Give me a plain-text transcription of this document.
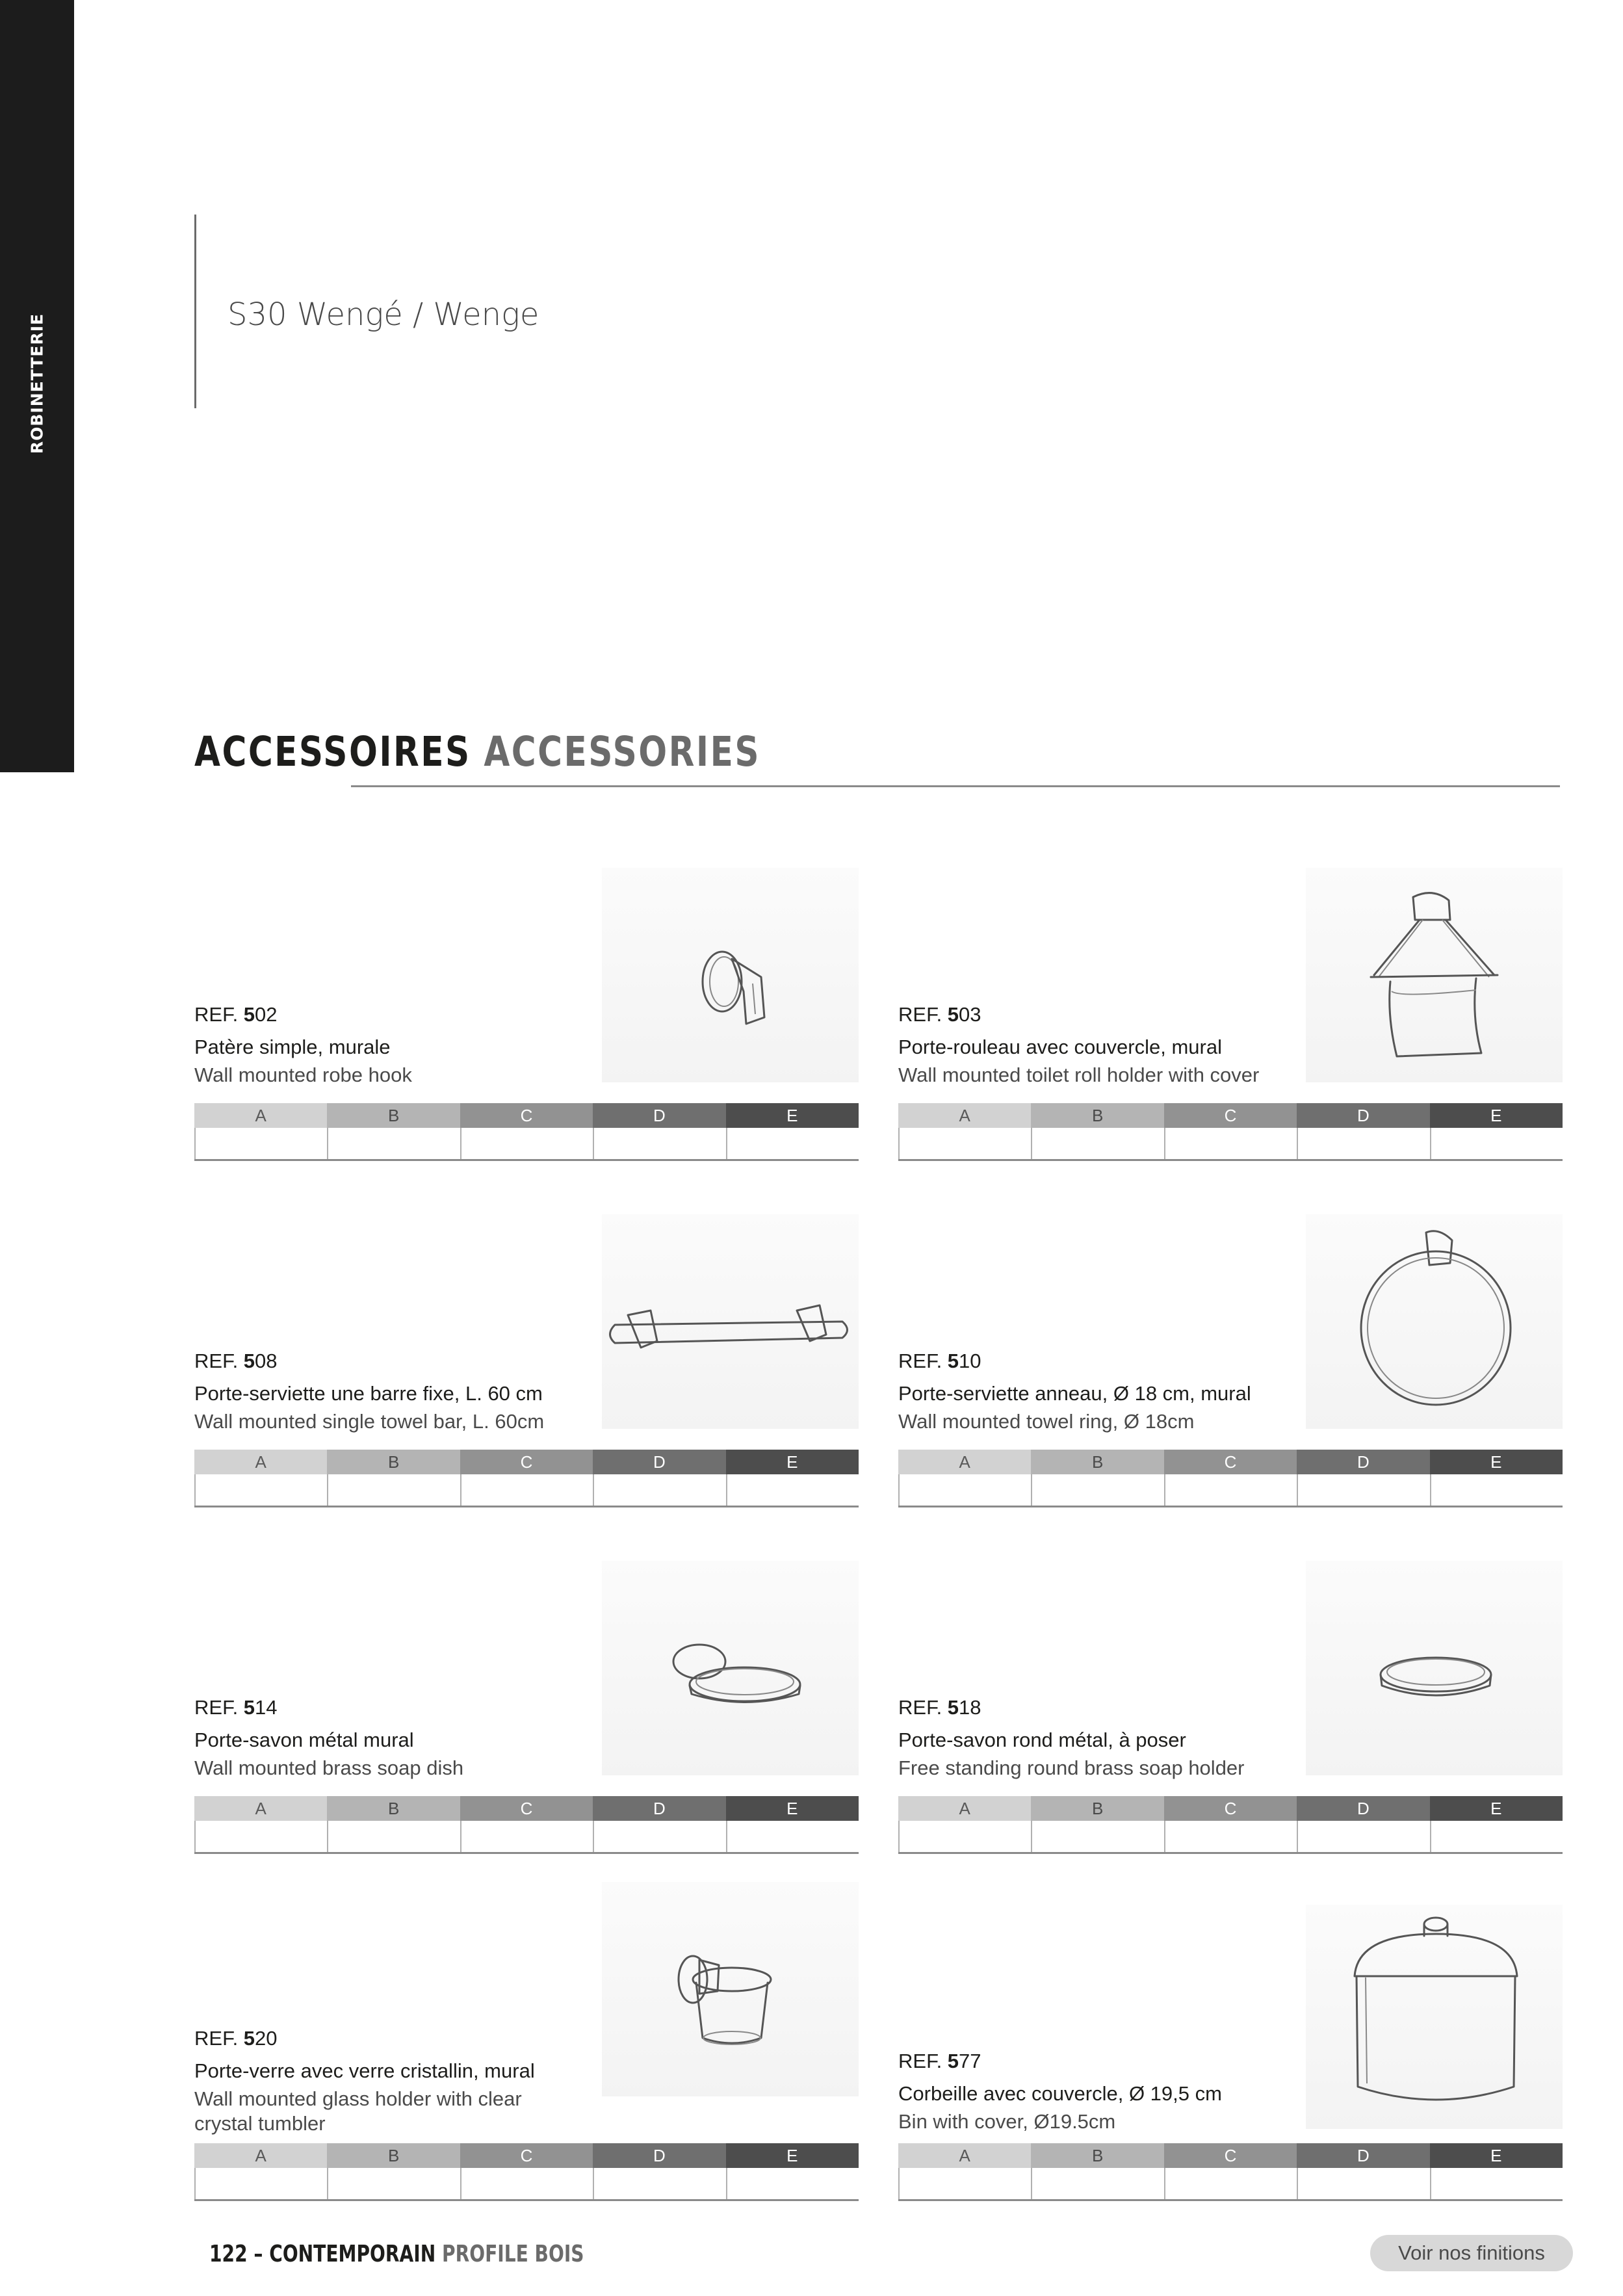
ROBINETTERIE	S30 Wengé / Wenge
ACCESSOIRES ACCESSORIES
REF. 502
Patère simple, murale
Wall mounted robe hook
A	B	C	D	E
REF. 503
Porte-rouleau avec couvercle, mural
Wall mounted toilet roll holder with cover
A	B	C	D	E
REF. 508
Porte-serviette une barre fixe, L. 60 cm
Wall mounted single towel bar, L. 60cm
A	B	C	D	E
REF. 510
Porte-serviette anneau, Ø 18 cm, mural
Wall mounted towel ring, Ø 18cm
A	B	C	D	E
REF. 514
Porte-savon métal mural
Wall mounted brass soap dish
A	B	C	D	E
REF. 518
Porte-savon rond métal, à poser
Free standing round brass soap holder
A	B	C	D	E
REF. 520
Porte-verre avec verre cristallin, mural
Wall mounted glass holder with clear crystal tumbler
A	B	C	D	E
REF. 577
Corbeille avec couvercle, Ø 19,5 cm
Bin with cover, Ø19.5cm
A	B	C	D	E
122 – CONTEMPORAIN PROFILE BOIS	Voir nos finitions
